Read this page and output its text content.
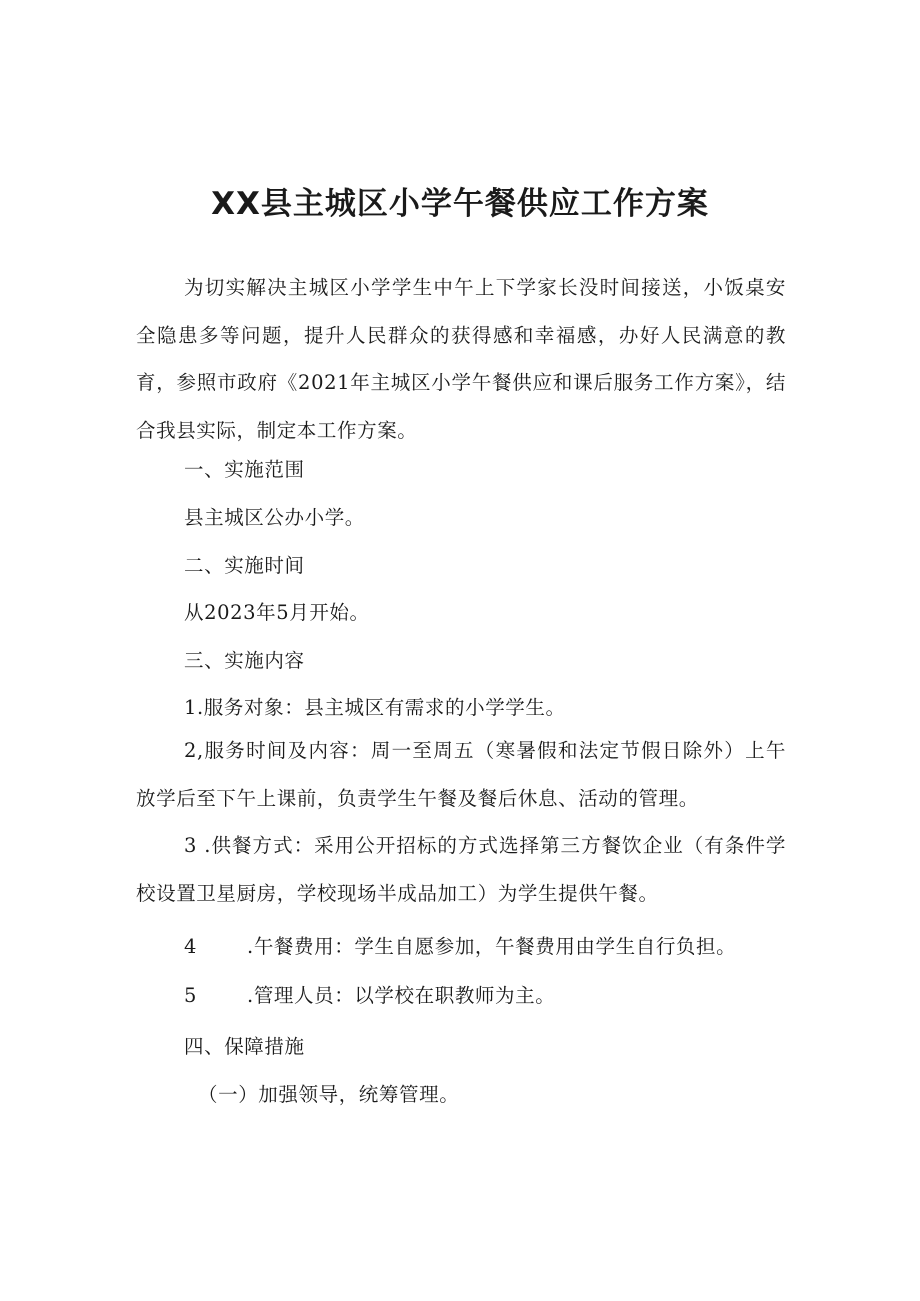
XX县主城区小学午餐供应工作方案

为切实解决主城区小学学生中午上下学家长没时间接送，小饭桌安全隐患多等问题，提升人民群众的获得感和幸福感，办好人民满意的教育，参照市政府《2021年主城区小学午餐供应和课后服务工作方案》，结合我县实际，制定本工作方案。

一、实施范围

县主城区公办小学。

二、实施时间

从2023年5月开始。

三、实施内容

1.服务对象：县主城区有需求的小学学生。

2,服务时间及内容：周一至周五（寒暑假和法定节假日除外）上午放学后至下午上课前，负责学生午餐及餐后休息、活动的管理。

3 .供餐方式：采用公开招标的方式选择第三方餐饮企业（有条件学校设置卫星厨房，学校现场半成品加工）为学生提供午餐。

4	.午餐费用：学生自愿参加，午餐费用由学生自行负担。

5	.管理人员：以学校在职教师为主。

四、保障措施

（一）加强领导，统筹管理。
